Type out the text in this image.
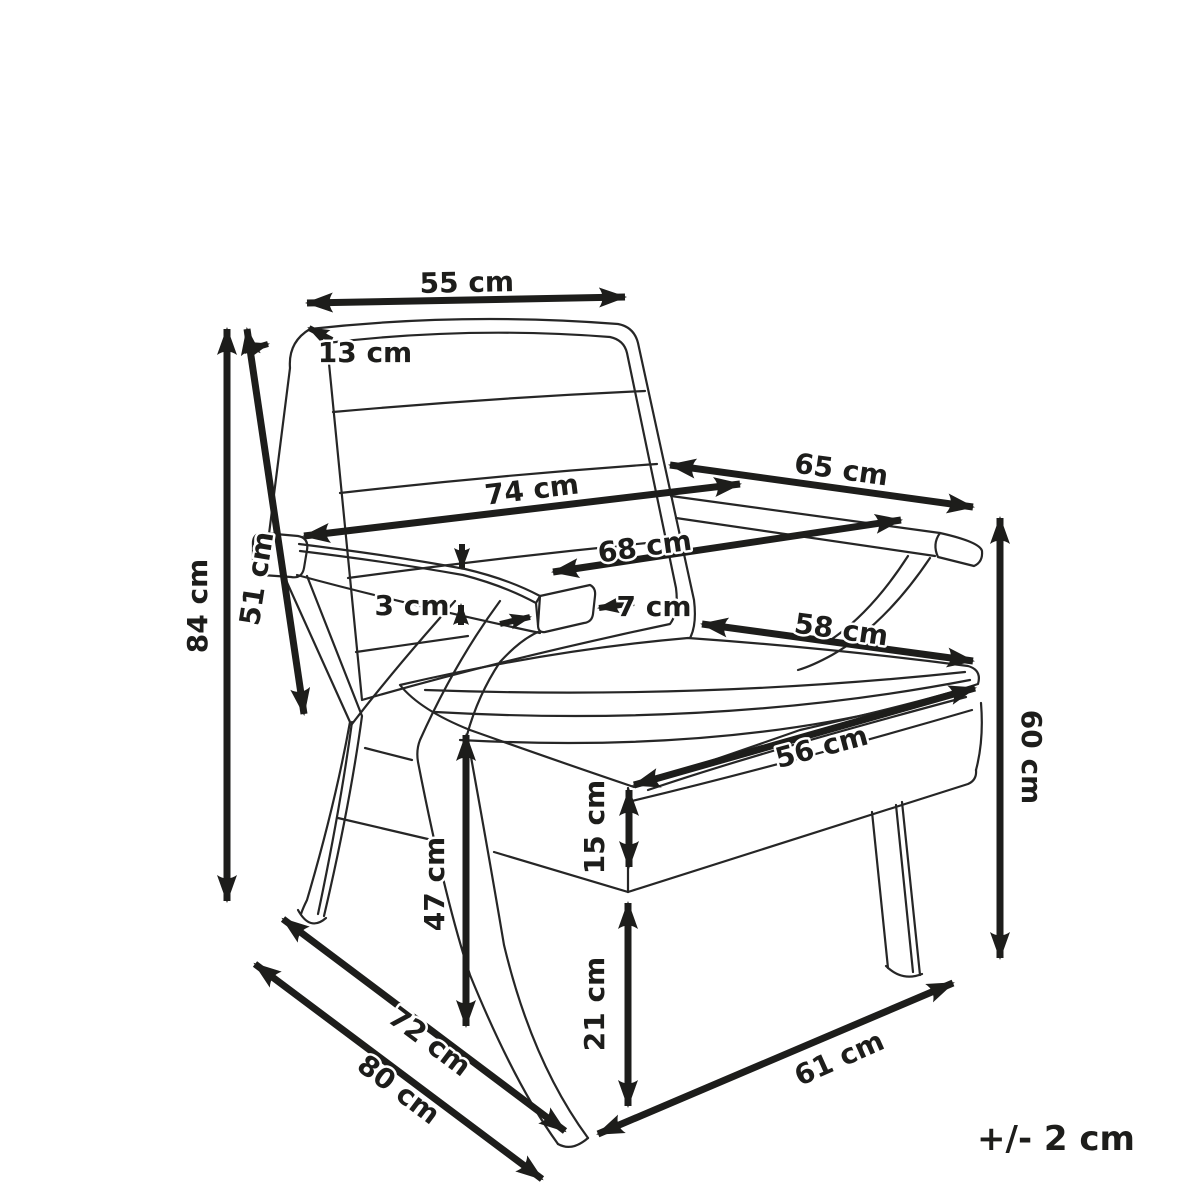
55 cm
13 cm
84 cm 51 cm
74 cm	65 cm
68 cm
3 cm	7 cm
58 cm
56 cm	60 cm
15 cm
47 cm
21 cm
72 cm
80 cm	61 cm
+/- 2 cm
